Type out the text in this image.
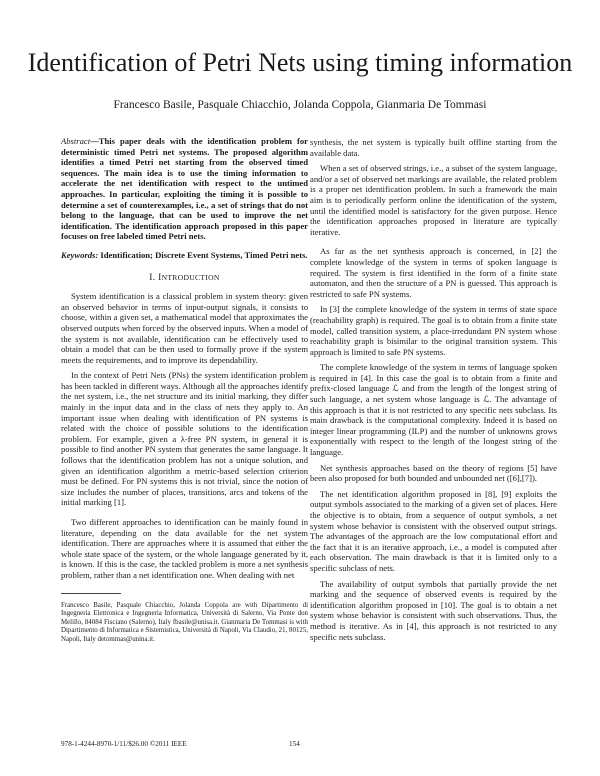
Identification of Petri Nets using timing information
Francesco Basile, Pasquale Chiacchio, Jolanda Coppola, Gianmaria De Tommasi

Abstract—This paper deals with the identification problem for deterministic timed Petri net systems. The proposed algorithm identifies a timed Petri net starting from the observed timed sequences. The main idea is to use the timing information to accelerate the net identification with respect to the untimed approaches. In particular, exploiting the timing it is possible to determine a set of counterexamples, i.e., a set of strings that do not belong to the language, that can be used to improve the net identification. The identification approach proposed in this paper focuses on free labeled timed Petri nets.

Keywords: Identification; Discrete Event Systems, Timed Petri nets.

I. INTRODUCTION

System identification is a classical problem in system theory: given an observed behavior in terms of input-output signals, it consists to choose, within a given set, a mathematical model that approximates the observed outputs when forced by the observed inputs. When a model of the system is not available, identification can be effectively used to obtain a model that can be then used to formally prove if the system meets the requirements, and to improve its dependability.

In the context of Petri Nets (PNs) the system identification problem has been tackled in different ways. Although all the approaches identify the net system, i.e., the net structure and its initial marking, they differ mainly in the input data and in the class of nets they apply to. An important issue when dealing with identification of PN systems is related with the choice of possible solutions to the identification problem. For example, given a λ-free PN system, in general it is possible to find another PN system that generates the same language. It follows that the identification problem has not a unique solution, and given an identification algorithm a metric-based selection criterion must be defined. For PN systems this is not trivial, since the notion of size includes the number of places, transitions, arcs and tokens of the initial marking [1].

Two different approaches to identification can be mainly found in literature, depending on the data available for the net system identification. There are approaches where it is assumed that either the whole state space of the system, or the whole language generated by it, is known. If this is the case, the tackled problem is more a net synthesis problem, rather than a net identification one. When dealing with net

Francesco Basile, Pasquale Chiacchio, Jolanda Coppola are with Dipartimento di Ingegneria Elettronica e Ingegneria Informatica, Università di Salerno, Via Ponte don Melillo, 84084 Fisciano (Salerno), Italy fbasile@unisa.it. Gianmaria De Tommasi is with Dipartimento di Informatica e Sistemistica, Università di Napoli, Via Claudio, 21, 80125, Napoli, Italy detommas@unina.it.

synthesis, the net system is typically built offline starting from the available data.

When a set of observed strings, i.e., a subset of the system language, and/or a set of observed net markings are available, the related problem is a proper net identification problem. In such a framework the main aim is to periodically perform online the identification of the system, until the identified model is satisfactory for the given purpose. Hence the identification approaches proposed in literature are typically iterative.

As far as the net synthesis approach is concerned, in [2] the complete knowledge of the system in terms of spoken language is required. The system is first identified in the form of a finite state automaton, and then the structure of a PN is guessed. This approach is restricted to safe PN systems.

In [3] the complete knowledge of the system in terms of state space (reachability graph) is required. The goal is to obtain from a finite state model, called transition system, a place-irredundant PN system whose reachability graph is bisimilar to the original transition system. This approach is limited to safe PN systems.

The complete knowledge of the system in terms of language spoken is required in [4]. In this case the goal is to obtain from a finite and prefix-closed language ℒ and from the length of the longest string of such language, a net system whose language is ℒ. The advantage of this approach is that it is not restricted to any specific nets subclass. Its main drawback is the computational complexity. Indeed it is based on integer linear programming (ILP) and the number of unknowns grows exponentially with respect to the length of the longest string of the language.

Net synthesis approaches based on the theory of regions [5] have been also proposed for both bounded and unbounded net ([6],[7]).

The net identification algorithm proposed in [8], [9] exploits the output symbols associated to the marking of a given set of places. Here the objective is to obtain, from a sequence of output symbols, a net system whose behavior is consistent with the observed output strings. The advantages of the approach are the low computational effort and the fact that it is an iterative approach, i.e., a model is computed after each observation. The main drawback is that it is limited only to a specific subclass of nets.

The availability of output symbols that partially provide the net marking and the sequence of observed events is required by the identification algorithm proposed in [10]. The goal is to obtain a net system whose behavior is consistent with such observations. Thus, the method is iterative. As in [4], this approach is not restricted to any specific nets subclass.

978-1-4244-8970-1/11/$26.00 ©2011 IEEE	154
